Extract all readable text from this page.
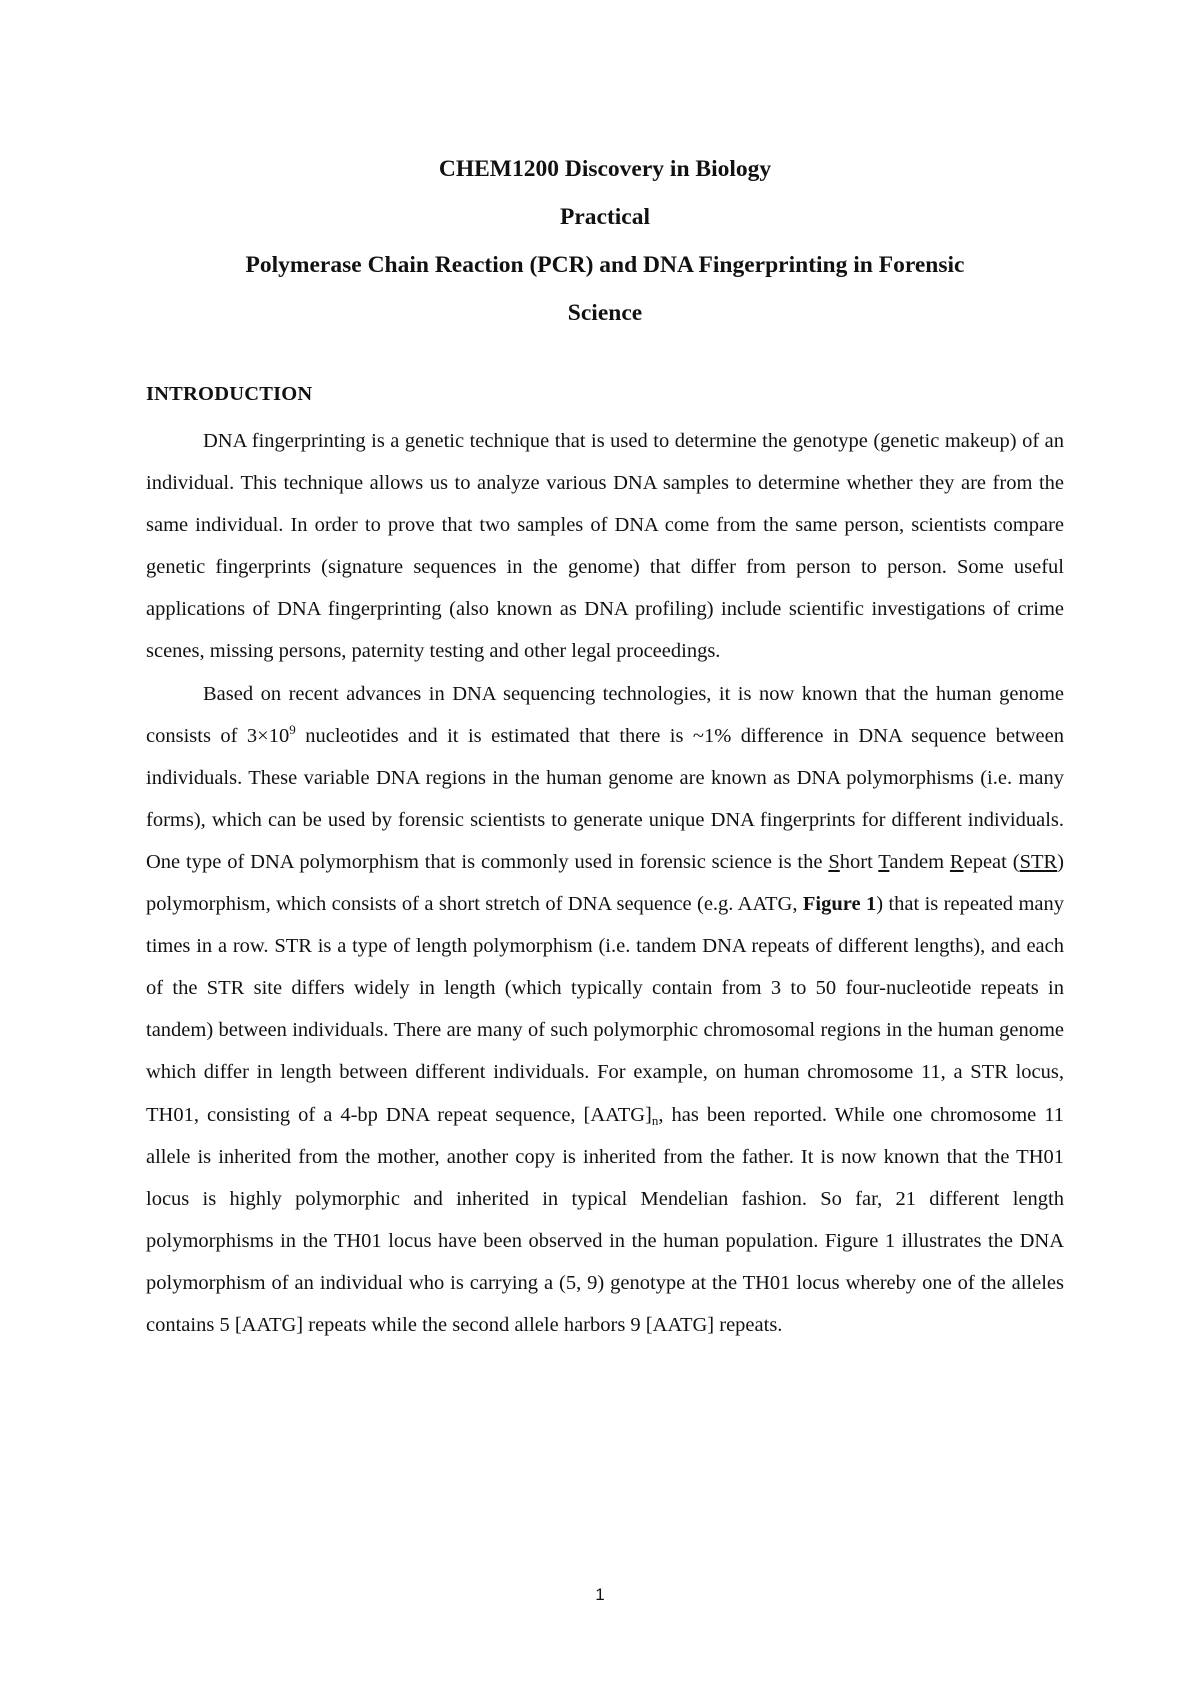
CHEM1200 Discovery in Biology
Practical
Polymerase Chain Reaction (PCR) and DNA Fingerprinting in Forensic
Science
INTRODUCTION

DNA fingerprinting is a genetic technique that is used to determine the genotype (genetic makeup) of an individual. This technique allows us to analyze various DNA samples to determine whether they are from the same individual. In order to prove that two samples of DNA come from the same person, scientists compare genetic fingerprints (signature sequences in the genome) that differ from person to person. Some useful applications of DNA fingerprinting (also known as DNA profiling) include scientific investigations of crime scenes, missing persons, paternity testing and other legal proceedings.

Based on recent advances in DNA sequencing technologies, it is now known that the human genome consists of $3\times 10^9$ nucleotides and it is estimated that there is ~1% difference in DNA sequence between individuals. These variable DNA regions in the human genome are known as DNA polymorphisms (i.e. many forms), which can be used by forensic scientists to generate unique DNA fingerprints for different individuals. One type of DNA polymorphism that is commonly used in forensic science is the Short Tandem Repeat (STR) polymorphism, which consists of a short stretch of DNA sequence (e.g. AATG, Figure 1) that is repeated many times in a row. STR is a type of length polymorphism (i.e. tandem DNA repeats of different lengths), and each of the STR site differs widely in length (which typically contain from 3 to 50 four-nucleotide repeats in tandem) between individuals. There are many of such polymorphic chromosomal regions in the human genome which differ in length between different individuals. For example, on human chromosome 11, a STR locus, TH01, consisting of a 4-bp DNA repeat sequence, $[AATG]_n$, has been reported. While one chromosome 11 allele is inherited from the mother, another copy is inherited from the father. It is now known that the TH01 locus is highly polymorphic and inherited in typical Mendelian fashion. So far, 21 different length polymorphisms in the TH01 locus have been observed in the human population. Figure 1 illustrates the DNA polymorphism of an individual who is carrying a (5, 9) genotype at the TH01 locus whereby one of the alleles contains 5 [AATG] repeats while the second allele harbors 9 [AATG] repeats.

1
